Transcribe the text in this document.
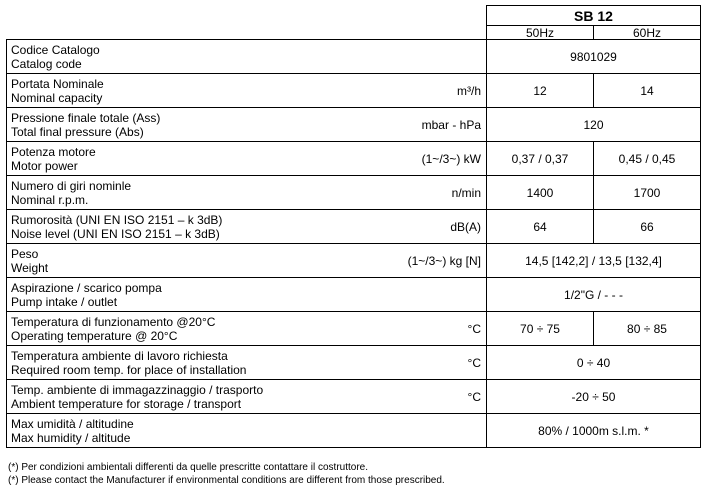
		SB 12	
		50Hz	60Hz

Codice Catalogo
Catalog code		9801029	

Portata Nominale
Nominal capacity	m³/h	12	14

Pressione finale totale (Ass)
Total final pressure (Abs)	mbar - hPa	120	

Potenza motore
Motor power	(1~/3~) kW	0,37 / 0,37	0,45 / 0,45

Numero di giri nominle
Nominal r.p.m.	n/min	1400	1700

Rumorosità (UNI EN ISO 2151 – k 3dB)
Noise level (UNI EN ISO 2151 – k 3dB)	dB(A)	64	66

Peso
Weight	(1~/3~) kg [N]	14,5 [142,2] / 13,5 [132,4]	

Aspirazione / scarico pompa
Pump intake / outlet		1/2"G / - - -	

Temperatura di funzionamento @20°C
Operating temperature @ 20°C	°C	70 ÷ 75	80 ÷ 85

Temperatura ambiente di lavoro richiesta
Required room temp. for place of installation	°C	0 ÷ 40	

Temp. ambiente di immagazzinaggio / trasporto
Ambient temperature for storage / transport	°C	-20 ÷ 50	

Max umidità / altitudine
Max humidity / altitude		80% / 1000m s.l.m. *	
(*) Per condizioni ambientali differenti da quelle prescritte contattare il costruttore.
(*) Please contact the Manufacturer if environmental conditions are different from those prescribed.
